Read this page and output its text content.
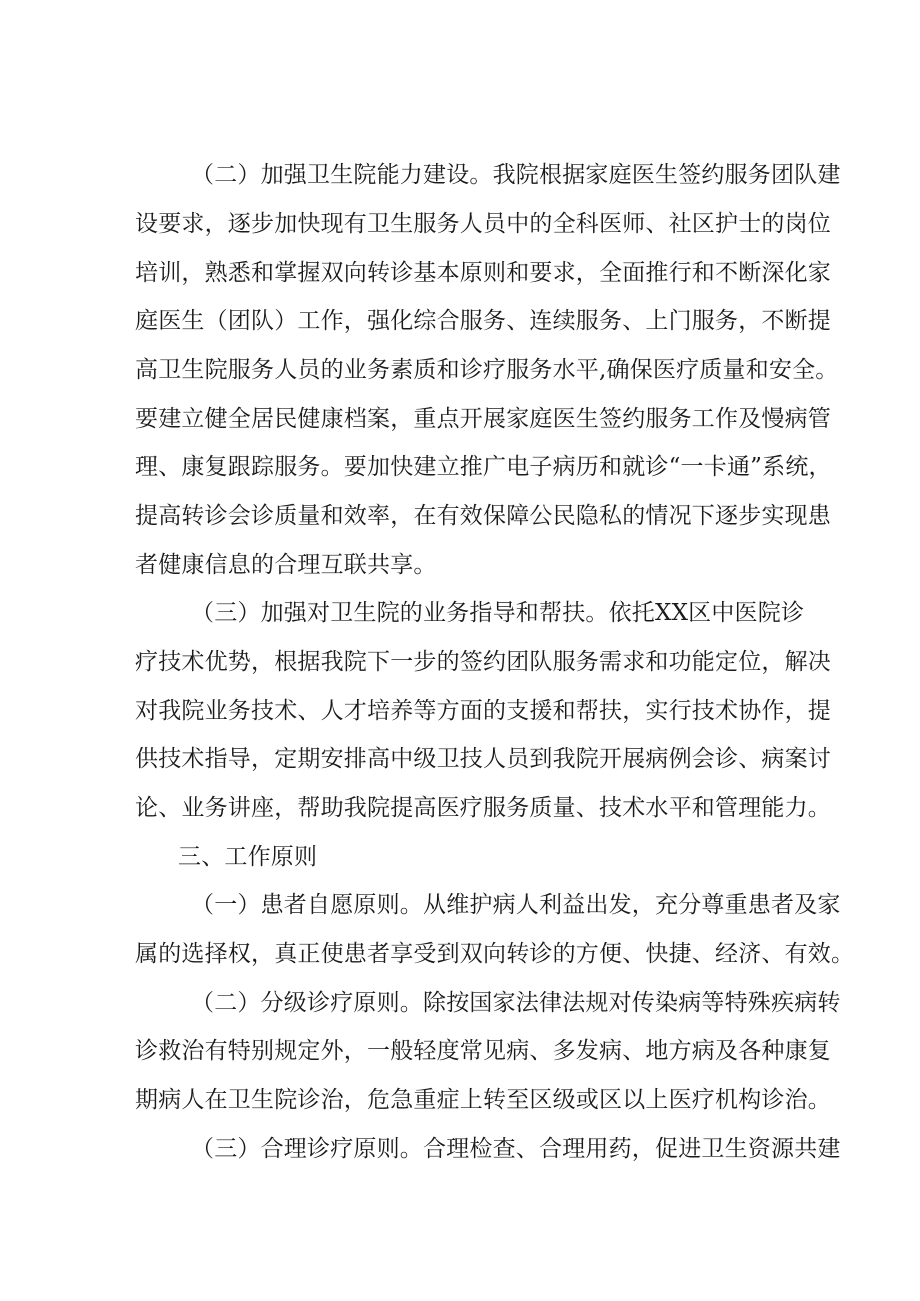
（二）加强卫生院能力建设。我院根据家庭医生签约服务团队建
设要求，逐步加快现有卫生服务人员中的全科医师、社区护士的岗位
培训，熟悉和掌握双向转诊基本原则和要求，全面推行和不断深化家
庭医生（团队）工作，强化综合服务、连续服务、上门服务，不断提
高卫生院服务人员的业务素质和诊疗服务水平,确保医疗质量和安全。
要建立健全居民健康档案，重点开展家庭医生签约服务工作及慢病管
理、康复跟踪服务。要加快建立推广电子病历和就诊“一卡通”系统，
提高转诊会诊质量和效率，在有效保障公民隐私的情况下逐步实现患
者健康信息的合理互联共享。
（三）加强对卫生院的业务指导和帮扶。依托XX区中医院诊
疗技术优势，根据我院下一步的签约团队服务需求和功能定位，解决
对我院业务技术、人才培养等方面的支援和帮扶，实行技术协作，提
供技术指导，定期安排高中级卫技人员到我院开展病例会诊、病案讨
论、业务讲座，帮助我院提高医疗服务质量、技术水平和管理能力。
三、工作原则
（一）患者自愿原则。从维护病人利益出发，充分尊重患者及家
属的选择权，真正使患者享受到双向转诊的方便、快捷、经济、有效。
（二）分级诊疗原则。除按国家法律法规对传染病等特殊疾病转
诊救治有特别规定外，一般轻度常见病、多发病、地方病及各种康复
期病人在卫生院诊治，危急重症上转至区级或区以上医疗机构诊治。
（三）合理诊疗原则。合理检查、合理用药，促进卫生资源共建
